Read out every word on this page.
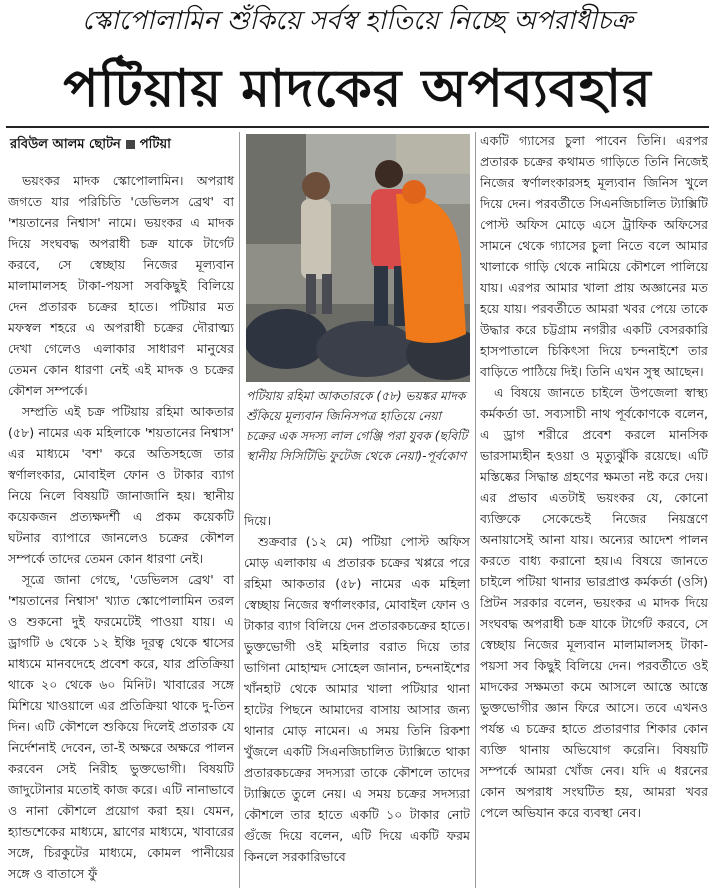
স্কোপোলামিন শুঁকিয়ে সর্বস্ব হাতিয়ে নিচ্ছে অপরাধীচক্র
পটিয়ায় মাদকের অপব্যবহার
রবিউল আলম ছোটন পটিয়া

ভয়ংকর মাদক স্কোপোলামিন। অপরাধ জগতে যার পরিচিতি 'ডেভিলস ব্রেথ' বা 'শয়তানের নিশ্বাস' নামে। ভয়ংকর এ মাদক দিয়ে সংঘবদ্ধ অপরাধী চক্র যাকে টার্গেট করবে, সে স্বেচ্ছায় নিজের মূল্যবান মালামালসহ টাকা-পয়সা সবকিছুই বিলিয়ে দেন প্রতারক চক্রের হাতে। পটিয়ার মত মফস্বল শহরে এ অপরাধী চক্রের দৌরাত্ম্য দেখা গেলেও এলাকার সাধারণ মানুষের তেমন কোন ধারণা নেই এই মাদক ও চক্রের কৌশল সম্পর্কে।

সম্প্রতি এই চক্র পটিয়ায় রহিমা আকতার (৫৮) নামের এক মহিলাকে 'শয়তানের নিশ্বাস' এর মাধ্যমে 'বশ' করে অতিসহজে তার স্বর্ণালংকার, মোবাইল ফোন ও টাকার ব্যাগ নিয়ে নিলে বিষয়টি জানাজানি হয়। স্থানীয় কয়েকজন প্রত্যক্ষদর্শী এ প্রকম কয়েকটি ঘটনার ব্যাপারে জানলেও চক্রের কৌশল সম্পর্কে তাদের তেমন কোন ধারণা নেই।

সূত্রে জানা গেছে, 'ডেভিলস ব্রেথ' বা 'শয়তানের নিশ্বাস' খ্যাত স্কোপোলামিন তরল ও শুকনো দুই ফরমেটেই পাওয়া যায়। এ ড্রাগটি ৬ থেকে ১২ ইঞ্চি দূরত্ব থেকে শ্বাসের মাধ্যমে মানবদেহে প্রবেশ করে, যার প্রতিক্রিয়া থাকে ২০ থেকে ৬০ মিনিট। খাবারের সঙ্গে মিশিয়ে খাওয়ালে এর প্রতিক্রিয়া থাকে দু-তিন দিন। এটি কৌশলে শুকিয়ে দিলেই প্রতারক যে নির্দেশনাই দেবেন, তা-ই অক্ষরে অক্ষরে পালন করবেন সেই নিরীহ ভুক্তভোগী। বিষয়টি জাদুটোনার মতোই কাজ করে। এটি নানাভাবে ও নানা কৌশলে প্রয়োগ করা হয়। যেমন, হ্যান্ডশেকের মাধ্যমে, ঘ্রাণের মাধ্যমে, খাবারের সঙ্গে, চিরকুটের মাধ্যমে, কোমল পানীয়ের সঙ্গে ও বাতাসে ফুঁ

পটিয়ায় রহিমা আকতারকে (৫৮) ভয়ঙ্কর মাদক শুঁকিয়ে মূল্যবান জিনিসপত্র হাতিয়ে নেয়া চক্রের এক সদস্য লাল গেঞ্জি পরা যুবক (ছবিটি স্থানীয় সিসিটিভি ফুটেজ থেকে নেয়া)-পূর্বকোণ

দিয়ে।

শুক্রবার (১২ মে) পটিয়া পোস্ট অফিস মোড় এলাকায় এ প্রতারক চক্রের খপ্পরে পরে রহিমা আকতার (৫৮) নামের এক মহিলা স্বেচ্ছায় নিজের স্বর্ণালংকার, মোবাইল ফোন ও টাকার ব্যাগ বিলিয়ে দেন প্রতারকচক্রের হাতে। ভুক্তভোগী ওই মহিলার বরাত দিয়ে তার ভাগিনা মোহাম্মদ সোহেল জানান, চন্দনাইশের খাঁনহাট থেকে আমার খালা পটিয়ার থানা হাটের পিছনে আমাদের বাসায় আসার জন্য থানার মোড় নামেন। এ সময় তিনি রিকশা খুঁজলে একটি সিএনজিচালিত ট্যাক্সিতে থাকা প্রতারকচক্রের সদস্যরা তাকে কৌশলে তাদের ট্যাক্সিতে তুলে নেয়। এ সময় চক্রের সদস্যরা কৌশলে তার হাতে একটি ১০ টাকার নোট গুঁজে দিয়ে বলেন, এটি দিয়ে একটি ফরম কিনলে সরকারিভাবে

একটি গ্যাসের চুলা পাবেন তিনি। এরপর প্রতারক চক্রের কথামত গাড়িতে তিনি নিজেই নিজের স্বর্ণালংকারসহ মূল্যবান জিনিস খুলে দিয়ে দেন। পরবর্তীতে সিএনজিচালিত ট্যাক্সিটি পোস্ট অফিস মোড়ে এসে ট্রাফিক অফিসের সামনে থেকে গ্যাসের চুলা নিতে বলে আমার খালাকে গাড়ি থেকে নামিয়ে কৌশলে পালিয়ে যায়। এরপর আমার খালা প্রায় অজ্ঞানের মত হয়ে যায়। পরবর্তীতে আমরা খবর পেয়ে তাকে উদ্ধার করে চট্টগ্রাম নগরীর একটি বেসরকারি হাসপাতালে চিকিৎসা দিয়ে চন্দনাইশে তার বাড়িতে পাঠিয়ে দিই। তিনি এখন সুস্থ আছেন।

এ বিষয়ে জানতে চাইলে উপজেলা স্বাস্থ্য কর্মকর্তা ডা. সব্যসাচী নাথ পূর্বকোণকে বলেন, এ ড্রাগ শরীরে প্রবেশ করলে মানসিক ভারসাম্যহীন হওয়া ও মৃত্যুঝুঁকি রয়েছে। এটি মস্তিষ্কের সিদ্ধান্ত গ্রহণের ক্ষমতা নষ্ট করে দেয়। এর প্রভাব এতটাই ভয়ংকর যে, কোনো ব্যক্তিকে সেকেন্ডেই নিজের নিয়ন্ত্রণে অনায়াসেই আনা যায়। অন্যের আদেশ পালন করতে বাধ্য করানো হয়।এ বিষয়ে জানতে চাইলে পটিয়া থানার ভারপ্রাপ্ত কর্মকর্তা (ওসি) প্রিটন সরকার বলেন, ভয়ংকর এ মাদক দিয়ে সংঘবদ্ধ অপরাধী চক্র যাকে টার্গেট করবে, সে স্বেচ্ছায় নিজের মূল্যবান মালামালসহ টাকা-পয়সা সব কিছুই বিলিয়ে দেন। পরবর্তীতে ওই মাদকের সক্ষমতা কমে আসলে আস্তে আস্তে ভুক্তভোগীর জ্ঞান ফিরে আসে। তবে এখনও পর্যন্ত এ চক্রের হাতে প্রতারণার শিকার কোন ব্যক্তি থানায় অভিযোগ করেনি। বিষয়টি সম্পর্কে আমরা খোঁজ নেব। যদি এ ধরনের কোন অপরাধ সংঘটিত হয়, আমরা খবর পেলে অভিযান করে ব্যবস্থা নেব।
